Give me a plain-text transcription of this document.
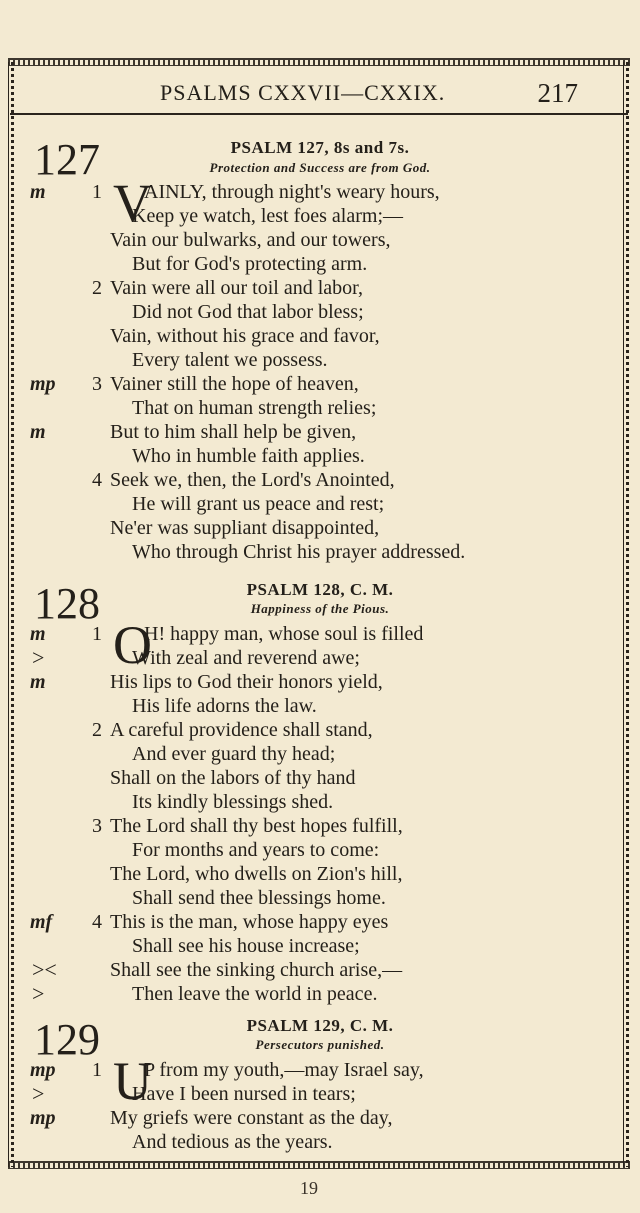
PSALMS CXXVII—CXXIX.	217
127	PSALM 127, 8s and 7s.
Protection and Success are from God.
V
m	1 AINLY, through night's weary hours,
Keep ye watch, lest foes alarm;—
Vain our bulwarks, and our towers,
But for God's protecting arm.
2 Vain were all our toil and labor,
Did not God that labor bless;
Vain, without his grace and favor,
Every talent we possess.
mp	3 Vainer still the hope of heaven,
That on human strength relies;
m	But to him shall help be given,
Who in humble faith applies.
4 Seek we, then, the Lord's Anointed,
He will grant us peace and rest;
Ne'er was suppliant disappointed,
Who through Christ his prayer addressed.
128	PSALM 128, C. M.
Happiness of the Pious.
O
m	1 H! happy man, whose soul is filled
>	With zeal and reverend awe;
m	His lips to God their honors yield,
His life adorns the law.
2 A careful providence shall stand,
And ever guard thy head;
Shall on the labors of thy hand
Its kindly blessings shed.
3 The Lord shall thy best hopes fulfill,
For months and years to come:
The Lord, who dwells on Zion's hill,
Shall send thee blessings home.
mf	4 This is the man, whose happy eyes
Shall see his house increase;
><	Shall see the sinking church arise,—
>	Then leave the world in peace.
129	PSALM 129, C. M.
Persecutors punished.
U
mp	1 P from my youth,—may Israel say,
>	Have I been nursed in tears;
mp	My griefs were constant as the day,
And tedious as the years.
19
